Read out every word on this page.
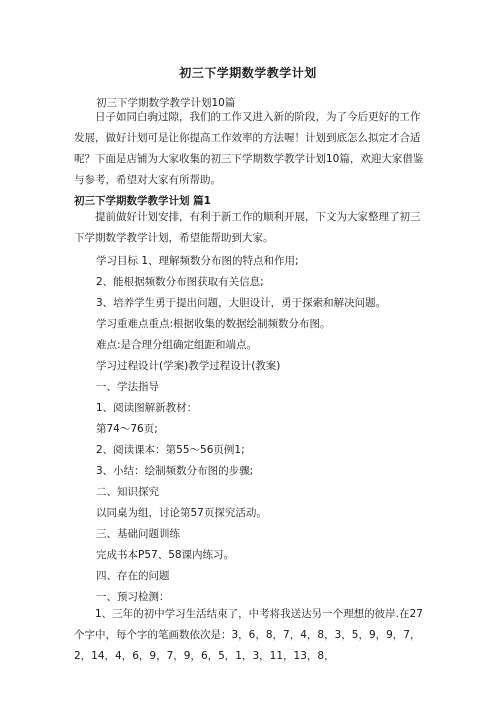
初三下学期数学教学计划
初三下学期数学教学计划10篇

日子如同白驹过隙，我们的工作又进入新的阶段，为了今后更好的工作发展，做好计划可是让你提高工作效率的方法喔！计划到底怎么拟定才合适呢？下面是店铺为大家收集的初三下学期数学教学计划10篇，欢迎大家借鉴与参考，希望对大家有所帮助。

初三下学期数学教学计划 篇1

提前做好计划安排，有利于新工作的顺利开展，下文为大家整理了初三下学期数学教学计划，希望能帮助到大家。

学习目标 1、理解频数分布图的特点和作用;
2、能根据频数分布图获取有关信息;
3、培养学生勇于提出问题，大胆设计，勇于探索和解决问题。
学习重难点重点:根据收集的数据绘制频数分布图。
难点:是合理分组确定组距和端点。
学习过程设计(学案)教学过程设计(教案)
一、学法指导
1、阅读图解新教材：
第74～76页;
2、阅读课本：第55～56页例1;
3、小结：绘制频数分布图的步骤;
二、知识探究
以同桌为组，讨论第57页探究活动。
三、基础问题训练
完成书本P57、58课内练习。
四、存在的问题
一、预习检测：

1、三年的初中学习生活结束了，中考将我送达另一个理想的彼岸.在27个字中，每个字的笔画数依次是：3，6，8，7，4，8，3，5，9，9，7，2，14，4，6，9，7，9，6，5，1，3，11，13，8，
